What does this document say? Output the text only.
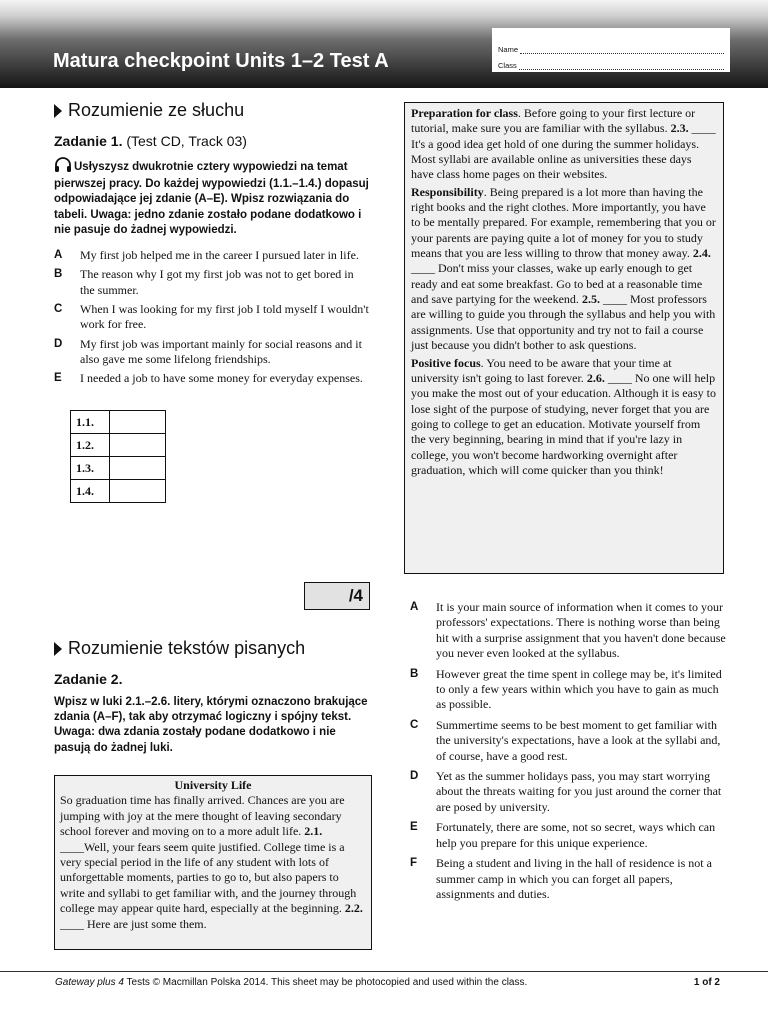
Matura checkpoint Units 1–2 Test A
Name
Class
Rozumienie ze słuchu
Zadanie 1. (Test CD, Track 03)
Usłyszysz dwukrotnie cztery wypowiedzi na temat pierwszej pracy. Do każdej wypowiedzi (1.1.–1.4.) dopasuj odpowiadające jej zdanie (A–E). Wpisz rozwiązania do tabeli. Uwaga: jedno zdanie zostało podane dodatkowo i nie pasuje do żadnej wypowiedzi.
A	My first job helped me in the career I pursued later in life.
B	The reason why I got my first job was not to get bored in the summer.
C	When I was looking for my first job I told myself I wouldn't work for free.
D	My first job was important mainly for social reasons and it also gave me some lifelong friendships.
E	I needed a job to have some money for everyday expenses.
1.1.	
1.2.	
1.3.	
1.4.	
/4
Rozumienie tekstów pisanych
Zadanie 2.
Wpisz w luki 2.1.–2.6. litery, którymi oznaczono brakujące zdania (A–F), tak aby otrzymać logiczny i spójny tekst. Uwaga: dwa zdania zostały podane dodatkowo i nie pasują do żadnej luki.
University Life
So graduation time has finally arrived. Chances are you are jumping with joy at the mere thought of leaving secondary school forever and moving on to a more adult life. 2.1. ____Well, your fears seem quite justified. College time is a very special period in the life of any student with lots of unforgettable moments, parties to go to, but also papers to write and syllabi to get familiar with, and the journey through college may appear quite hard, especially at the beginning. 2.2. ____ Here are just some them.

Preparation for class. Before going to your first lecture or tutorial, make sure you are familiar with the syllabus. 2.3. ____ It's a good idea get hold of one during the summer holidays. Most syllabi are available online as universities these days have class home pages on their websites.

Responsibility. Being prepared is a lot more than having the right books and the right clothes. More importantly, you have to be mentally prepared. For example, remembering that you or your parents are paying quite a lot of money for you to study means that you are less willing to throw that money away. 2.4. ____ Don't miss your classes, wake up early enough to get ready and eat some breakfast. Go to bed at a reasonable time and save partying for the weekend. 2.5. ____ Most professors are willing to guide you through the syllabus and help you with assignments. Use that opportunity and try not to fail a course just because you didn't bother to ask questions.

Positive focus. You need to be aware that your time at university isn't going to last forever. 2.6. ____ No one will help you make the most out of your education. Although it is easy to lose sight of the purpose of studying, never forget that you are going to college to get an education. Motivate yourself from the very beginning, bearing in mind that if you're lazy in college, you won't become hardworking overnight after graduation, which will come quicker than you think!

A	It is your main source of information when it comes to your professors' expectations. There is nothing worse than being hit with a surprise assignment that you haven't done because you never even looked at the syllabus.
B	However great the time spent in college may be, it's limited to only a few years within which you have to gain as much as possible.
C	Summertime seems to be best moment to get familiar with the university's expectations, have a look at the syllabi and, of course, have a good rest.
D	Yet as the summer holidays pass, you may start worrying about the threats waiting for you just around the corner that are posed by university.
E	Fortunately, there are some, not so secret, ways which can help you prepare for this unique experience.
F	Being a student and living in the hall of residence is not a summer camp in which you can forget all papers, assignments and duties.
Gateway plus 4 Tests © Macmillan Polska 2014. This sheet may be photocopied and used within the class.	1 of 2
